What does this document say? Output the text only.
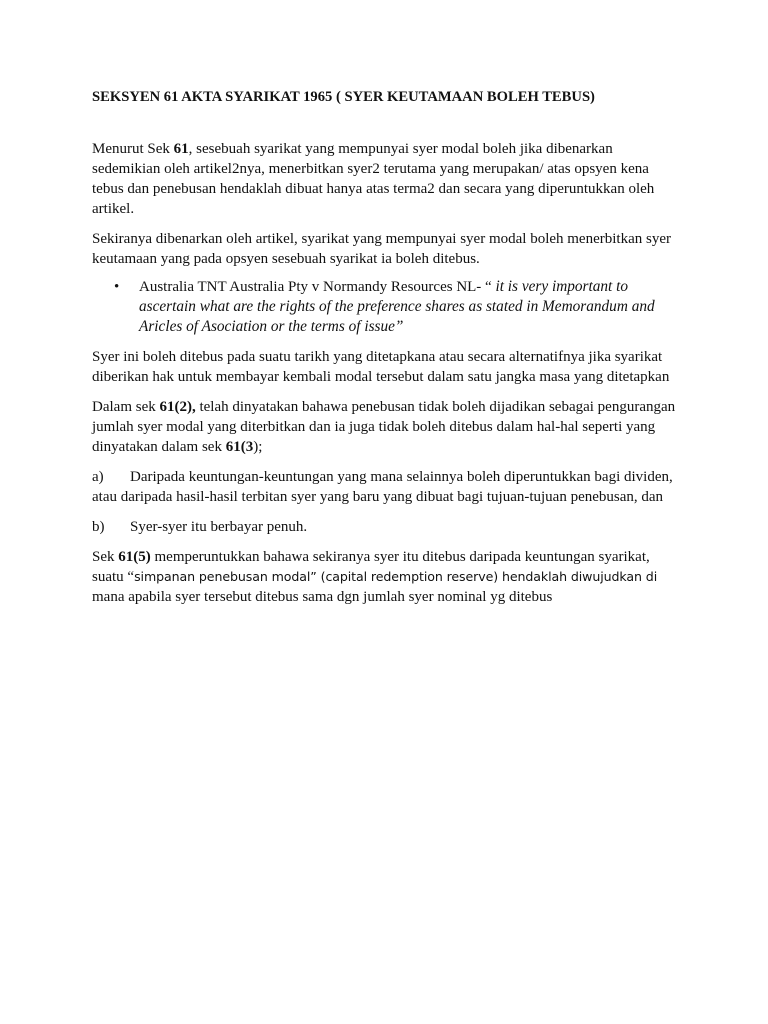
SEKSYEN 61 AKTA SYARIKAT 1965 ( SYER KEUTAMAAN BOLEH TEBUS)

Menurut Sek 61, sesebuah syarikat yang mempunyai syer modal boleh jika dibenarkan sedemikian oleh artikel2nya, menerbitkan syer2 terutama yang merupakan/ atas opsyen kena tebus dan penebusan hendaklah dibuat hanya atas terma2 dan secara yang diperuntukkan oleh artikel.

Sekiranya dibenarkan oleh artikel, syarikat yang mempunyai syer modal boleh menerbitkan syer keutamaan yang pada opsyen sesebuah syarikat ia boleh ditebus.

• Australia TNT Australia Pty v Normandy Resources NL- “ it is very important to ascertain what are the rights of the preference shares as stated in Memorandum and Aricles of Asociation or the terms of issue”

Syer ini boleh ditebus pada suatu tarikh yang ditetapkana atau secara alternatifnya jika syarikat diberikan hak untuk membayar kembali modal tersebut dalam satu jangka masa yang ditetapkan

Dalam sek 61(2), telah dinyatakan bahawa penebusan tidak boleh dijadikan sebagai pengurangan jumlah syer modal yang diterbitkan dan ia juga tidak boleh ditebus dalam hal-hal seperti yang dinyatakan dalam sek 61(3);

a) Daripada keuntungan-keuntungan yang mana selainnya boleh diperuntukkan bagi dividen, atau daripada hasil-hasil terbitan syer yang baru yang dibuat bagi tujuan-tujuan penebusan, dan

b) Syer-syer itu berbayar penuh.

Sek 61(5) memperuntukkan bahawa sekiranya syer itu ditebus daripada keuntungan syarikat,
suatu “simpanan penebusan modal” (capital redemption reserve) hendaklah diwujudkan di
mana apabila syer tersebut ditebus sama dgn jumlah syer nominal yg ditebus
